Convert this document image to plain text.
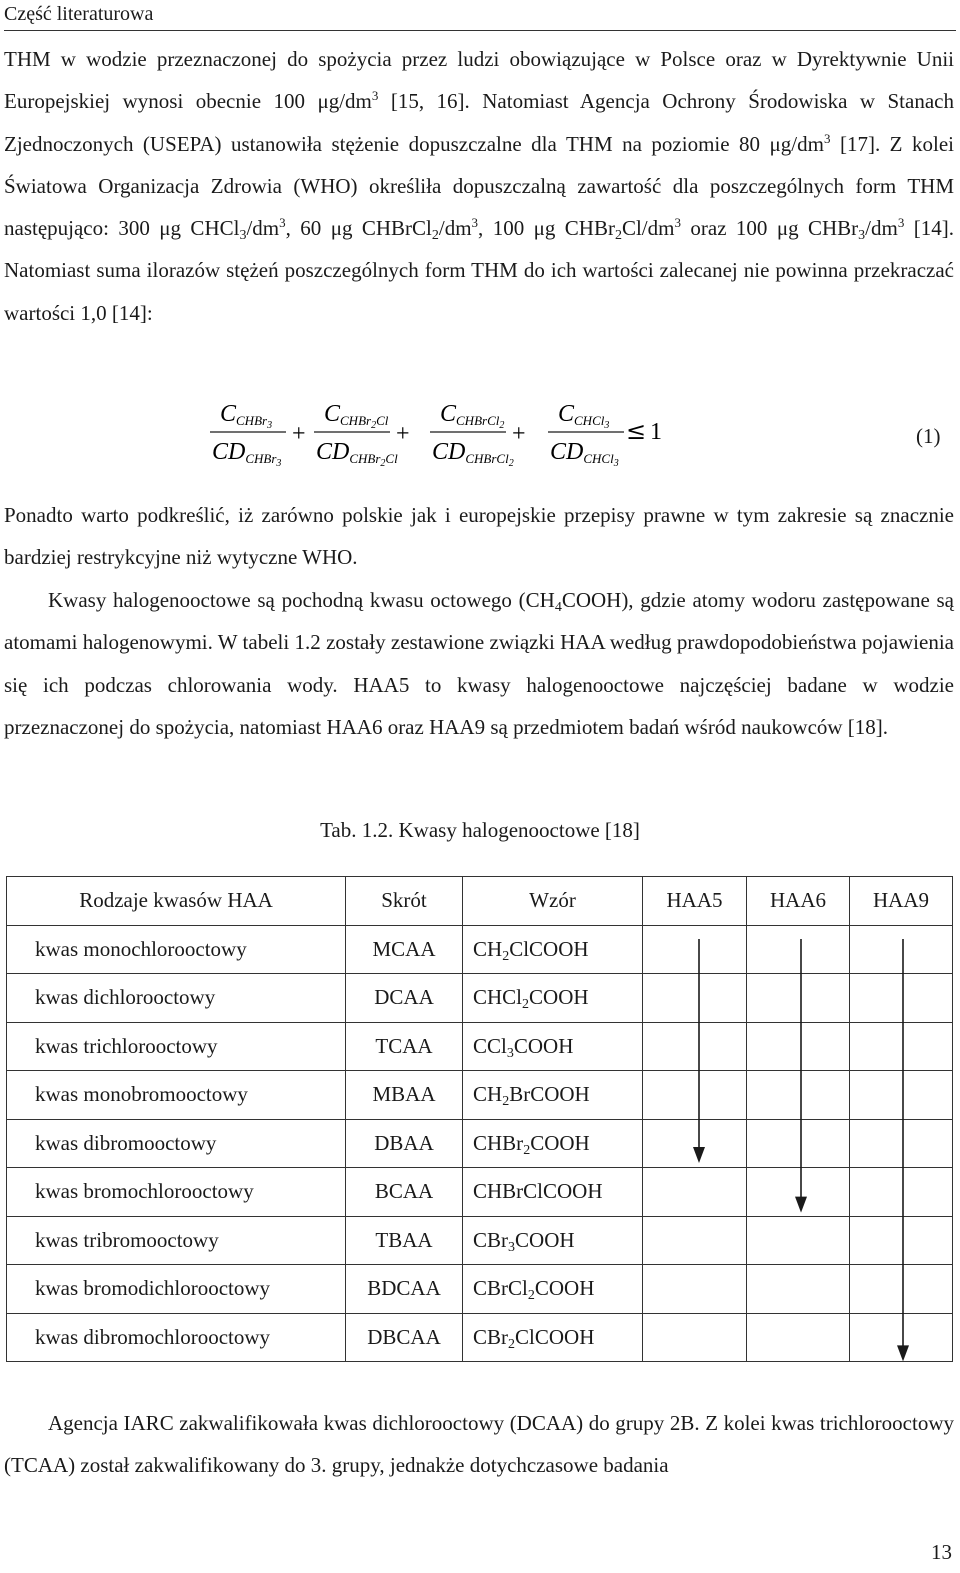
Część literaturowa

THM w wodzie przeznaczonej do spożycia przez ludzi obowiązujące w Polsce oraz w Dyrektywnie Unii Europejskiej wynosi obecnie 100 $\mu g/dm^3$ [15, 16]. Natomiast Agencja Ochrony Środowiska w Stanach Zjednoczonych (USEPA) ustanowiła stężenie dopuszczalne dla THM na poziomie 80 $\mu g/dm^3$ [17]. Z kolei Światowa Organizacja Zdrowia (WHO) określiła dopuszczalną zawartość dla poszczególnych form THM następująco: 300 μg $CHCl_3/dm^3$, 60 μg $CHBrCl_2/dm^3$, 100 μg $CHBr_2Cl/dm^3$ oraz 100 μg $CHBr_3/dm^3$ [14]. Natomiast suma ilorazów stężeń poszczególnych form THM do ich wartości zalecanej nie powinna przekraczać wartości 1,0 [14]:

CCHBr3
CDCHBr3
+
CCHBr2Cl
CDCHBr2Cl
+
CCHBrCl2
CDCHBrCl2
+
CCHCl3
CDCHCl3
≤ 1	(1)

Ponadto warto podkreślić, iż zarówno polskie jak i europejskie przepisy prawne w tym zakresie są znacznie bardziej restrykcyjne niż wytyczne WHO.

Kwasy halogenooctowe są pochodną kwasu octowego $(CH_4COOH)$, gdzie atomy wodoru zastępowane są atomami halogenowymi. W tabeli 1.2 zostały zestawione związki HAA według prawdopodobieństwa pojawienia się ich podczas chlorowania wody. HAA5 to kwasy halogenooctowe najczęściej badane w wodzie przeznaczonej do spożycia, natomiast HAA6 oraz HAA9 są przedmiotem badań wśród naukowców [18].

Tab. 1.2. Kwasy halogenooctowe [18]
Rodzaje kwasów HAA	Skrót	Wzór	HAA5	HAA6	HAA9
kwas monochlorooctowy	MCAA	$CH_2ClCOOH$			
kwas dichlorooctowy	DCAA	CHCl$_2$COOH			
kwas trichlorooctowy	TCAA	CCl$_3$COOH			
kwas monobromooctowy	MBAA	$CH_2BrCOOH$			
kwas dibromooctowy	DBAA	CHBr$_2$COOH			
kwas bromochlorooctowy	BCAA	CHBrClCOOH			
kwas tribromooctowy	TBAA	CBr$_3$COOH			
kwas bromodichlorooctowy	BDCAA	CBrCl$_2$COOH			
kwas dibromochlorooctowy	DBCAA	CBr$_2$ClCOOH			

Agencja IARC zakwalifikowała kwas dichlorooctowy (DCAA) do grupy 2B. Z kolei kwas trichlorooctowy (TCAA) został zakwalifikowany do 3. grupy, jednakże dotychczasowe badania

13
